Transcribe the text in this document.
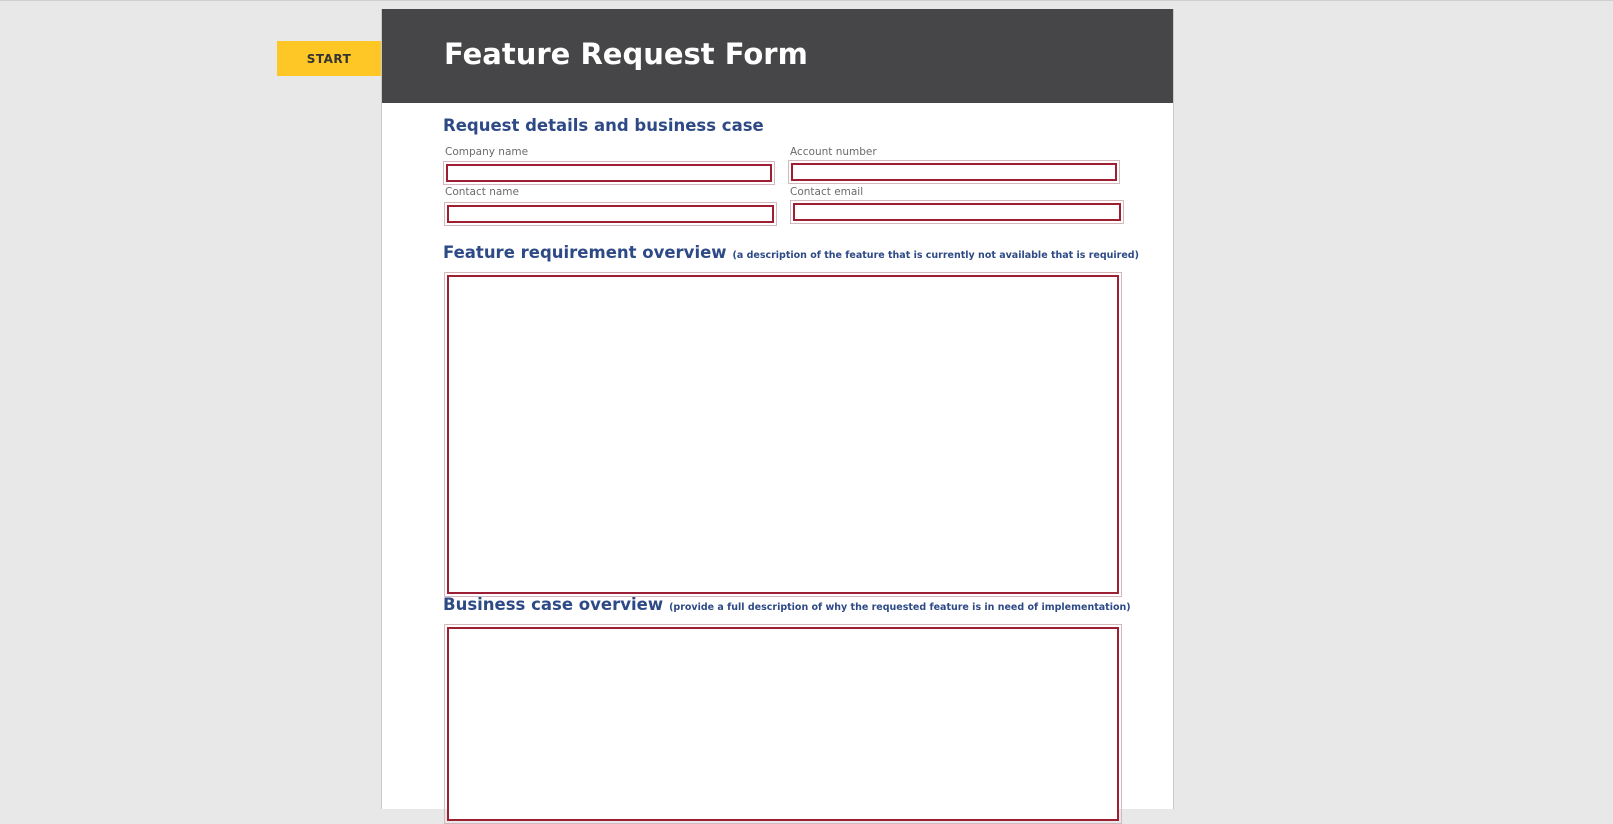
START	Feature Request Form
Request details and business case
Company name	Account number
Contact name	Contact email
Feature requirement overview (a description of the feature that is currently not available that is required)
Business case overview (provide a full description of why the requested feature is in need of implementation)
